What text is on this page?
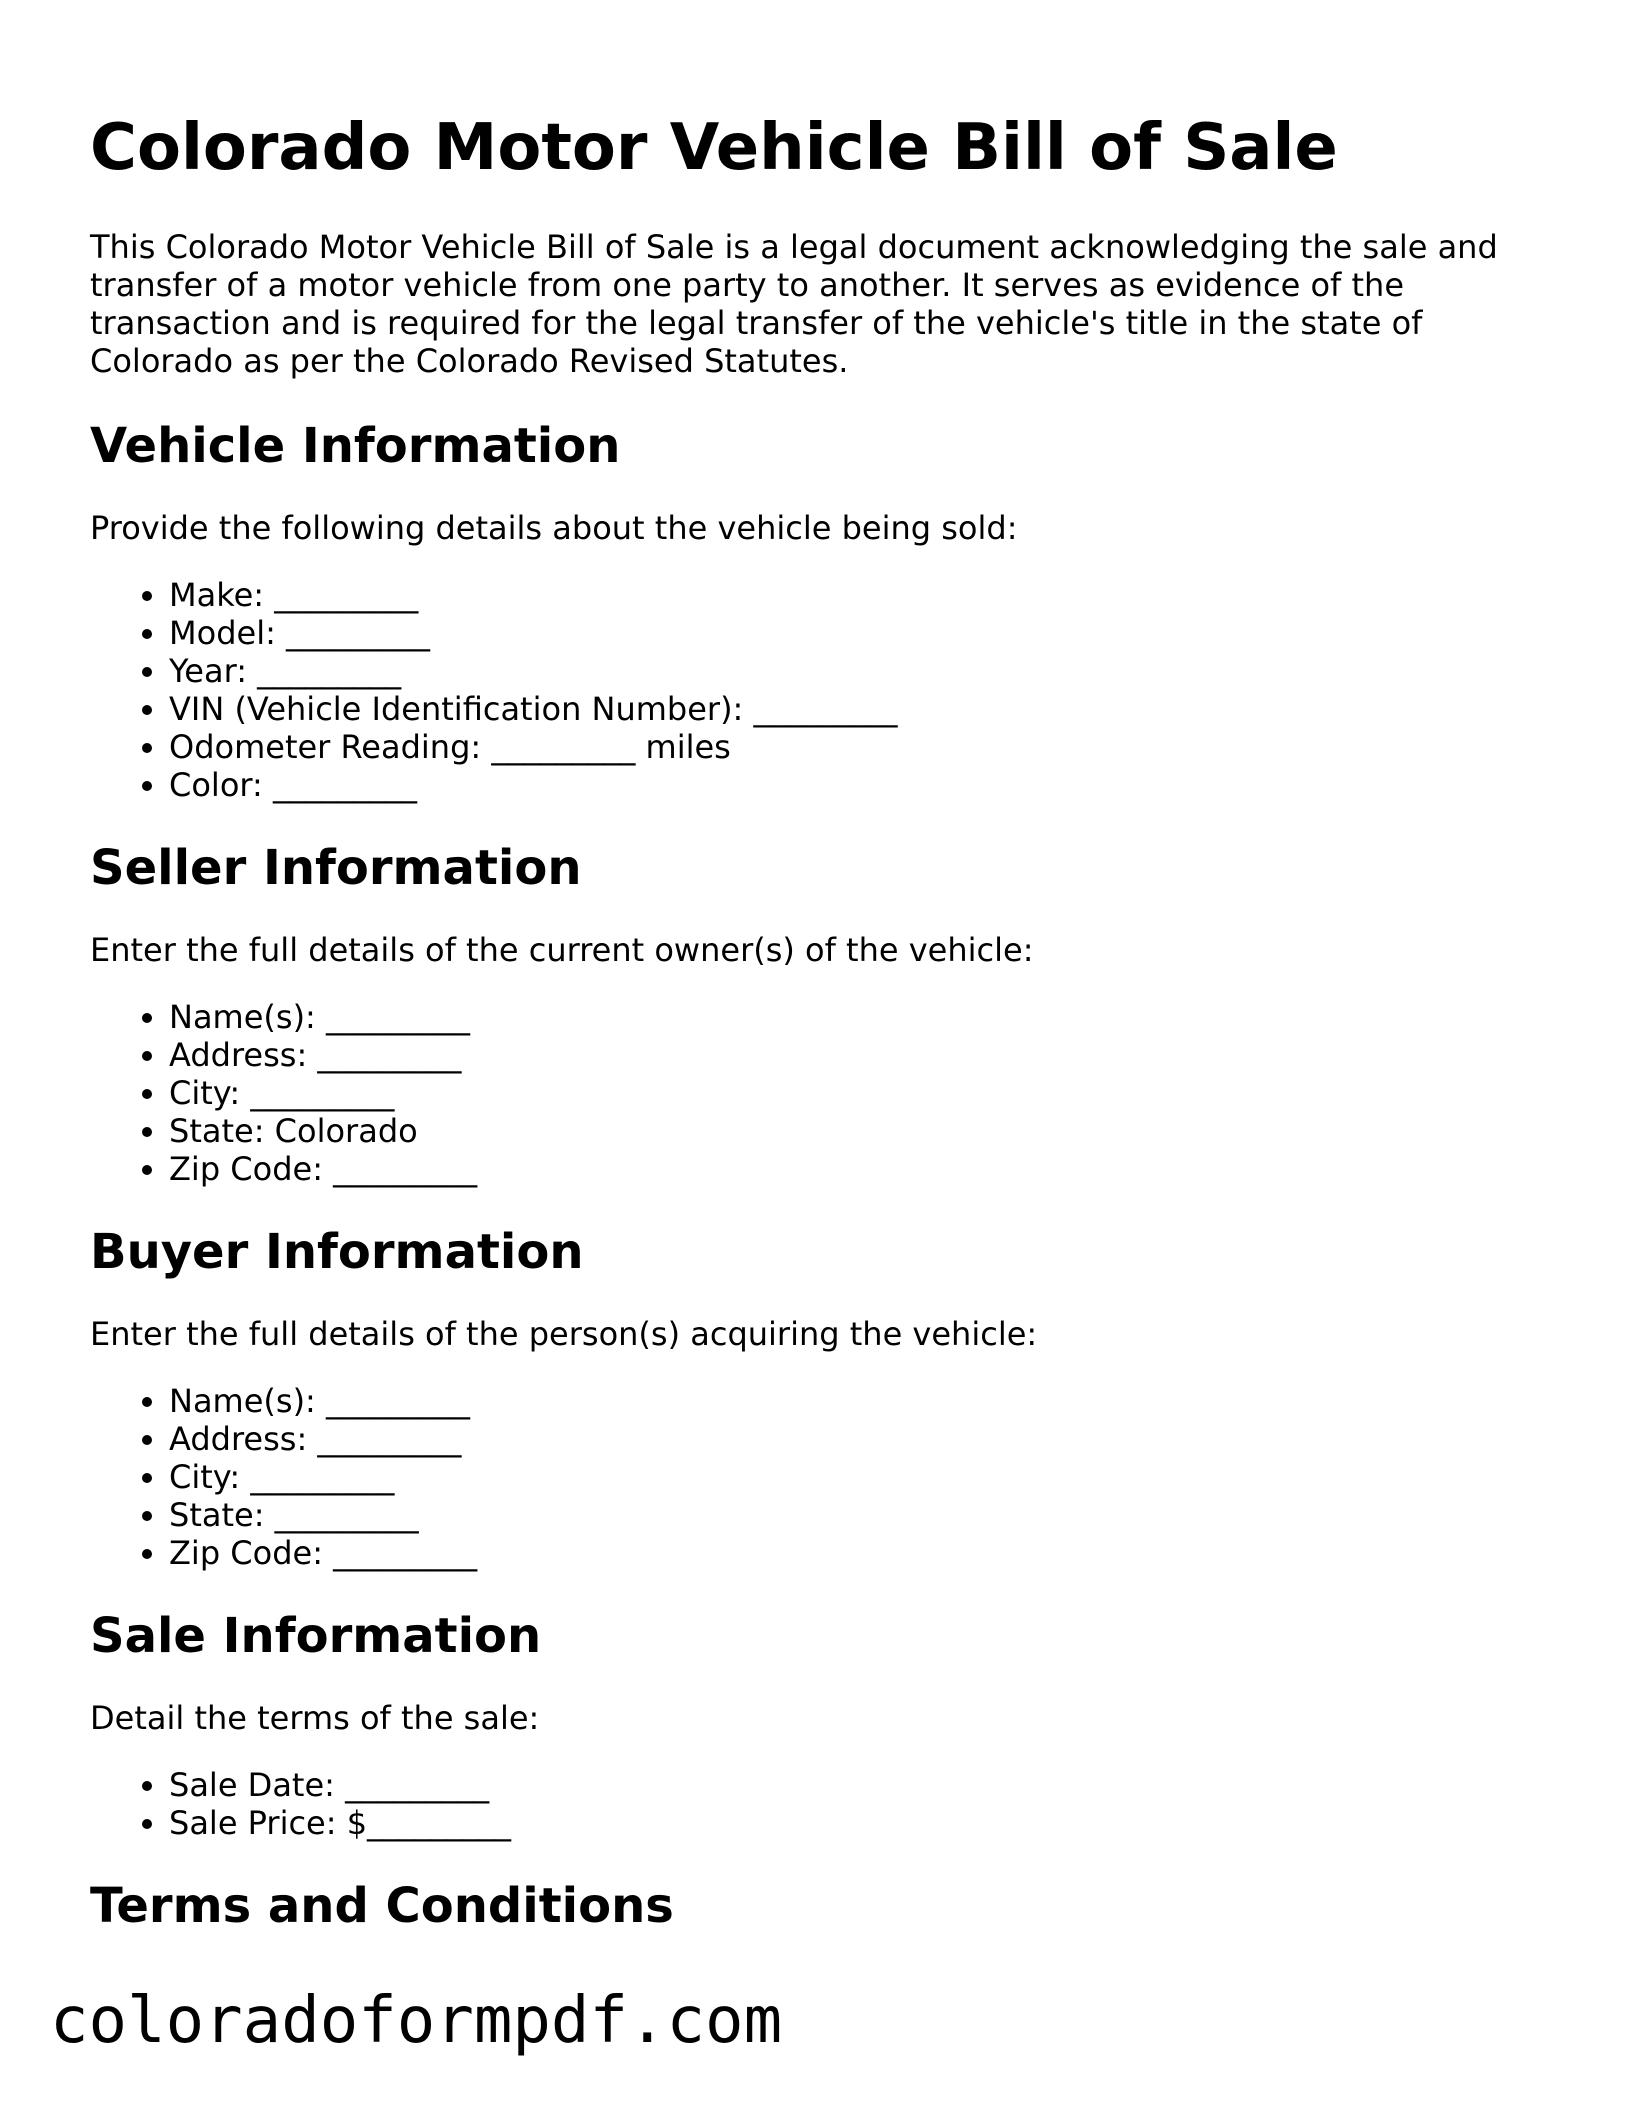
Colorado Motor Vehicle Bill of Sale

This Colorado Motor Vehicle Bill of Sale is a legal document acknowledging the sale and transfer of a motor vehicle from one party to another. It serves as evidence of the transaction and is required for the legal transfer of the vehicle's title in the state of Colorado as per the Colorado Revised Statutes.

Vehicle Information

Provide the following details about the vehicle being sold:

• Make: _________
• Model: _________
• Year: _________
• VIN (Vehicle Identification Number): _________
• Odometer Reading: _________ miles
• Color: _________
Seller Information

Enter the full details of the current owner(s) of the vehicle:

• Name(s): _________
• Address: _________
• City: _________
• State: Colorado
• Zip Code: _________
Buyer Information

Enter the full details of the person(s) acquiring the vehicle:

• Name(s): _________
• Address: _________
• City: _________
• State: _________
• Zip Code: _________
Sale Information

Detail the terms of the sale:

• Sale Date: _________
• Sale Price: $_________
Terms and Conditions
coloradoformpdf.com
